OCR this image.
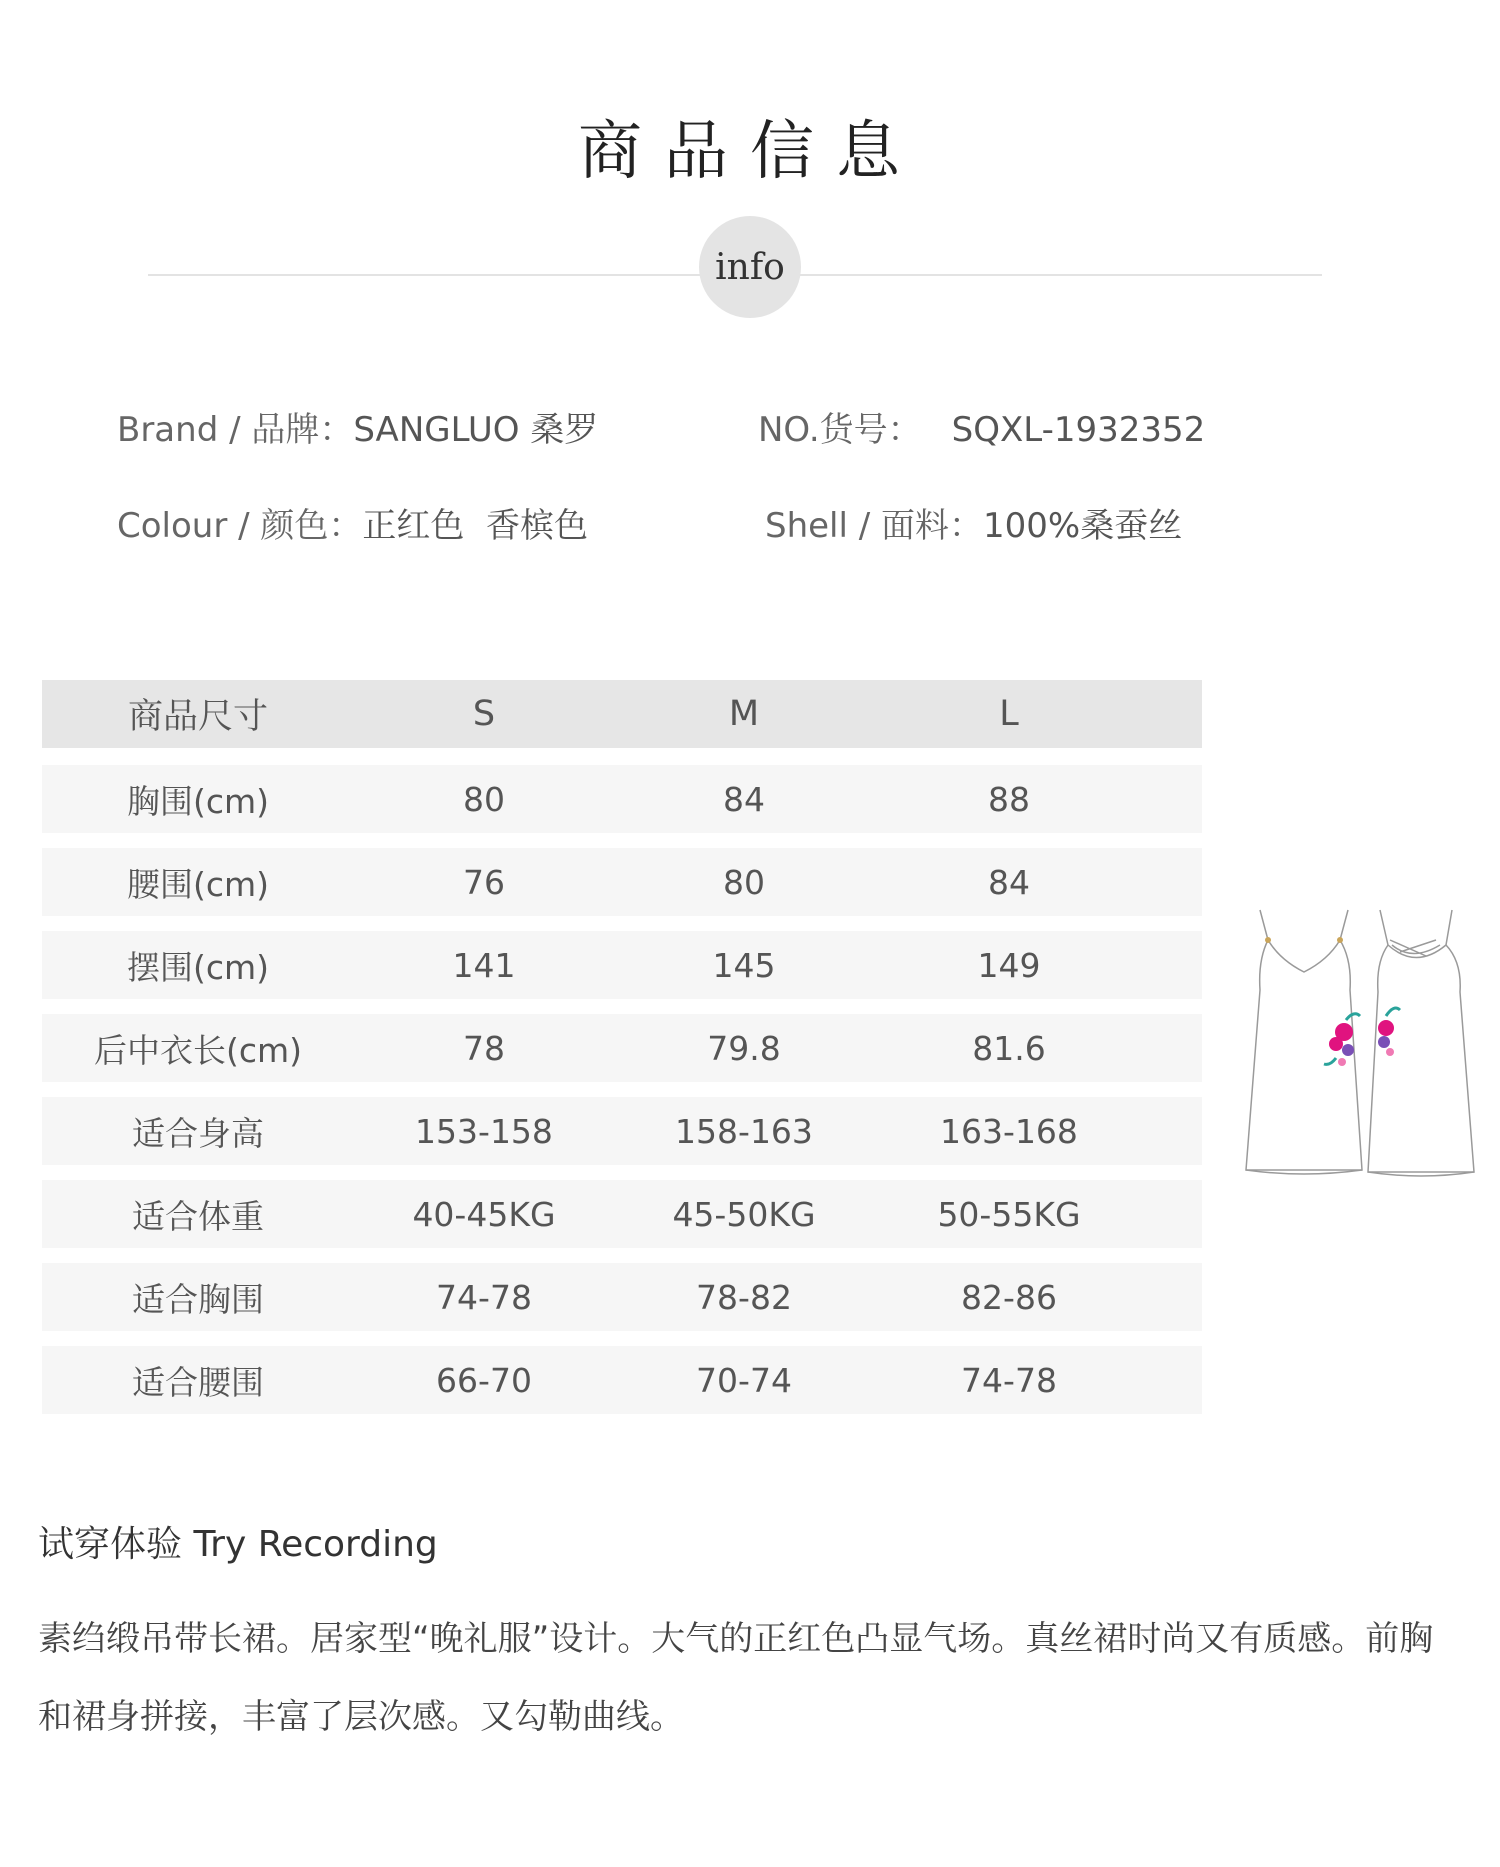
商品信息
info
Brand / 品牌：SANGLUO 桑罗	NO.货号： SQXL-1932352
Colour / 颜色：正红色  香槟色	Shell / 面料：100%桑蚕丝
商品尺寸	S	M	L
胸围(cm)	80	84	88
腰围(cm)	76	80	84
摆围(cm)	141	145	149
后中衣长(cm)	78	79.8	81.6
适合身高	153-158	158-163	163-168
适合体重	40-45KG	45-50KG	50-55KG
适合胸围	74-78	78-82	82-86
适合腰围	66-70	70-74	74-78
试穿体验 Try Recording
素绉缎吊带长裙。居家型“晚礼服”设计。大气的正红色凸显气场。真丝裙时尚又有质感。前胸和裙身拼接，丰富了层次感。又勾勒曲线。
